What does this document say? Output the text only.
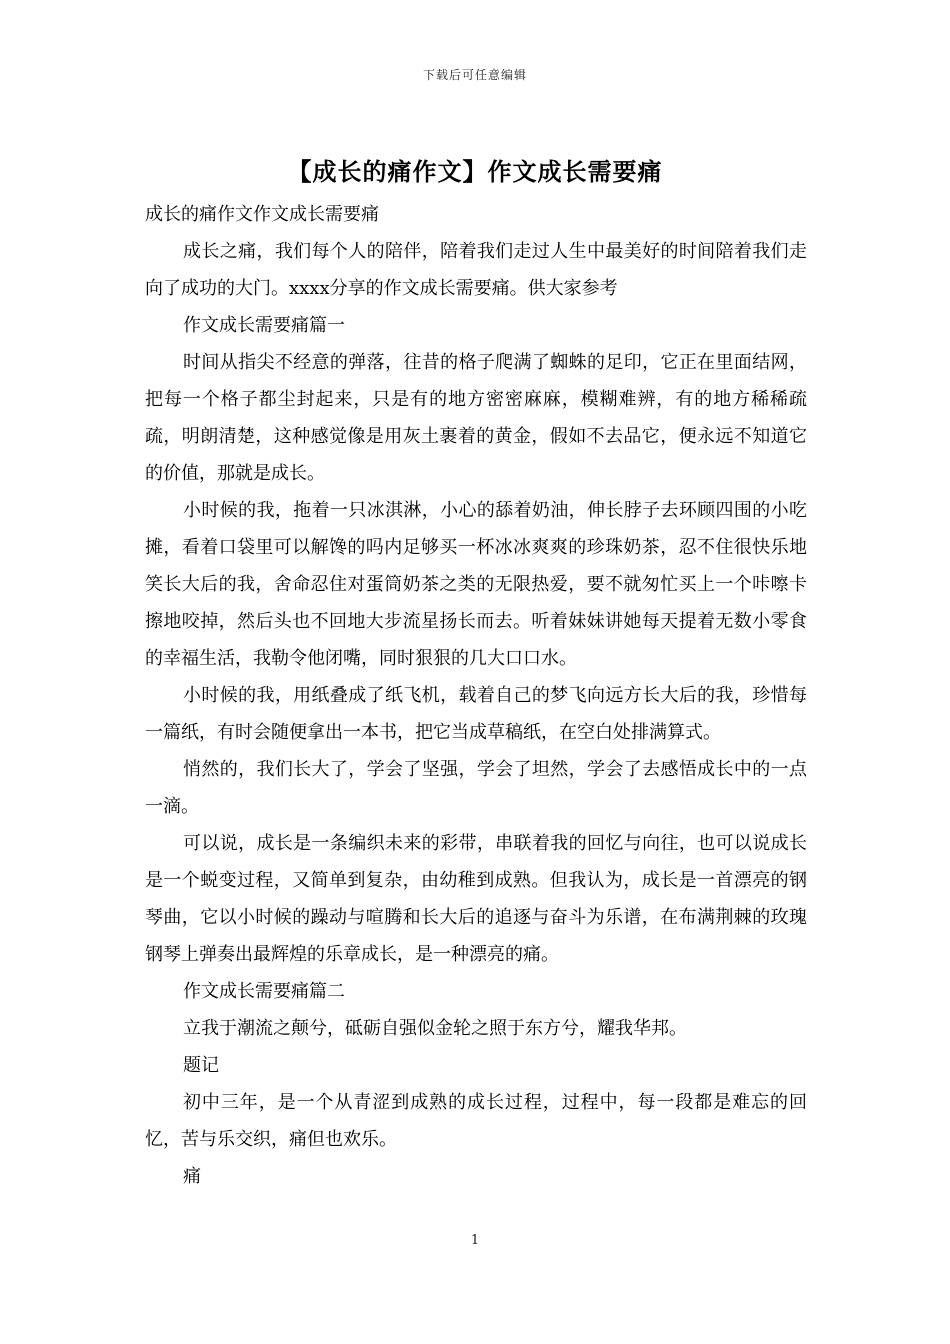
下载后可任意编辑
【成长的痛作文】作文成长需要痛

成长的痛作文作文成长需要痛

成长之痛，我们每个人的陪伴，陪着我们走过人生中最美好的时间陪着我们走向了成功的大门。xxxx分享的作文成长需要痛。供大家参考

作文成长需要痛篇一

时间从指尖不经意的弹落，往昔的格子爬满了蜘蛛的足印，它正在里面结网，把每一个格子都尘封起来，只是有的地方密密麻麻，模糊难辨，有的地方稀稀疏疏，明朗清楚，这种感觉像是用灰土裹着的黄金，假如不去品它，便永远不知道它的价值，那就是成长。

小时候的我，拖着一只冰淇淋，小心的舔着奶油，伸长脖子去环顾四围的小吃摊，看着口袋里可以解馋的吗内足够买一杯冰冰爽爽的珍珠奶茶，忍不住很快乐地笑长大后的我，舍命忍住对蛋筒奶茶之类的无限热爱，要不就匆忙买上一个咔嚓卡擦地咬掉，然后头也不回地大步流星扬长而去。听着妹妹讲她每天提着无数小零食的幸福生活，我勒令他闭嘴，同时狠狠的几大口口水。

小时候的我，用纸叠成了纸飞机，载着自己的梦飞向远方长大后的我，珍惜每一篇纸，有时会随便拿出一本书，把它当成草稿纸，在空白处排满算式。

悄然的，我们长大了，学会了坚强，学会了坦然，学会了去感悟成长中的一点一滴。

可以说，成长是一条编织未来的彩带，串联着我的回忆与向往，也可以说成长是一个蜕变过程，又简单到复杂，由幼稚到成熟。但我认为，成长是一首漂亮的钢琴曲，它以小时候的躁动与喧腾和长大后的追逐与奋斗为乐谱，在布满荆棘的玫瑰钢琴上弹奏出最辉煌的乐章成长，是一种漂亮的痛。

作文成长需要痛篇二

立我于潮流之颠兮，砥砺自强似金轮之照于东方兮，耀我华邦。

题记

初中三年，是一个从青涩到成熟的成长过程，过程中，每一段都是难忘的回忆，苦与乐交织，痛但也欢乐。

痛

1
